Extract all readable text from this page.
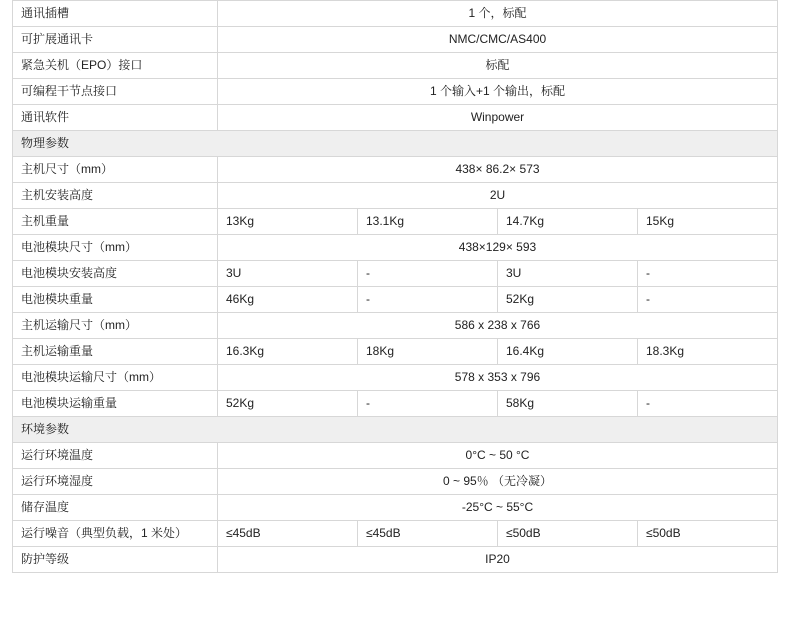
通讯插槽	1 个，标配			
可扩展通讯卡	NMC/CMC/AS400			
紧急关机（EPO）接口	标配			
可编程干节点接口	1 个输入+1 个输出，标配			
通讯软件	Winpower			
物理参数				
主机尺寸（mm）	438× 86.2× 573			
主机安装高度	2U			
主机重量	13Kg	13.1Kg	14.7Kg	15Kg
电池模块尺寸（mm）	438×129× 593			
电池模块安装高度	3U	-	3U	-
电池模块重量	46Kg	-	52Kg	-
主机运输尺寸（mm）	586 x 238 x 766			
主机运输重量	16.3Kg	18Kg	16.4Kg	18.3Kg
电池模块运输尺寸（mm）	578 x 353 x 796			
电池模块运输重量	52Kg	-	58Kg	-
环境参数				
运行环境温度	0°C ~ 50 °C			
运行环境湿度	0 ~ 95％ （无冷凝）			
储存温度	-25°C ~ 55°C			
运行噪音（典型负载，1 米处）	≤45dB	≤45dB	≤50dB	≤50dB
防护等级	IP20			
